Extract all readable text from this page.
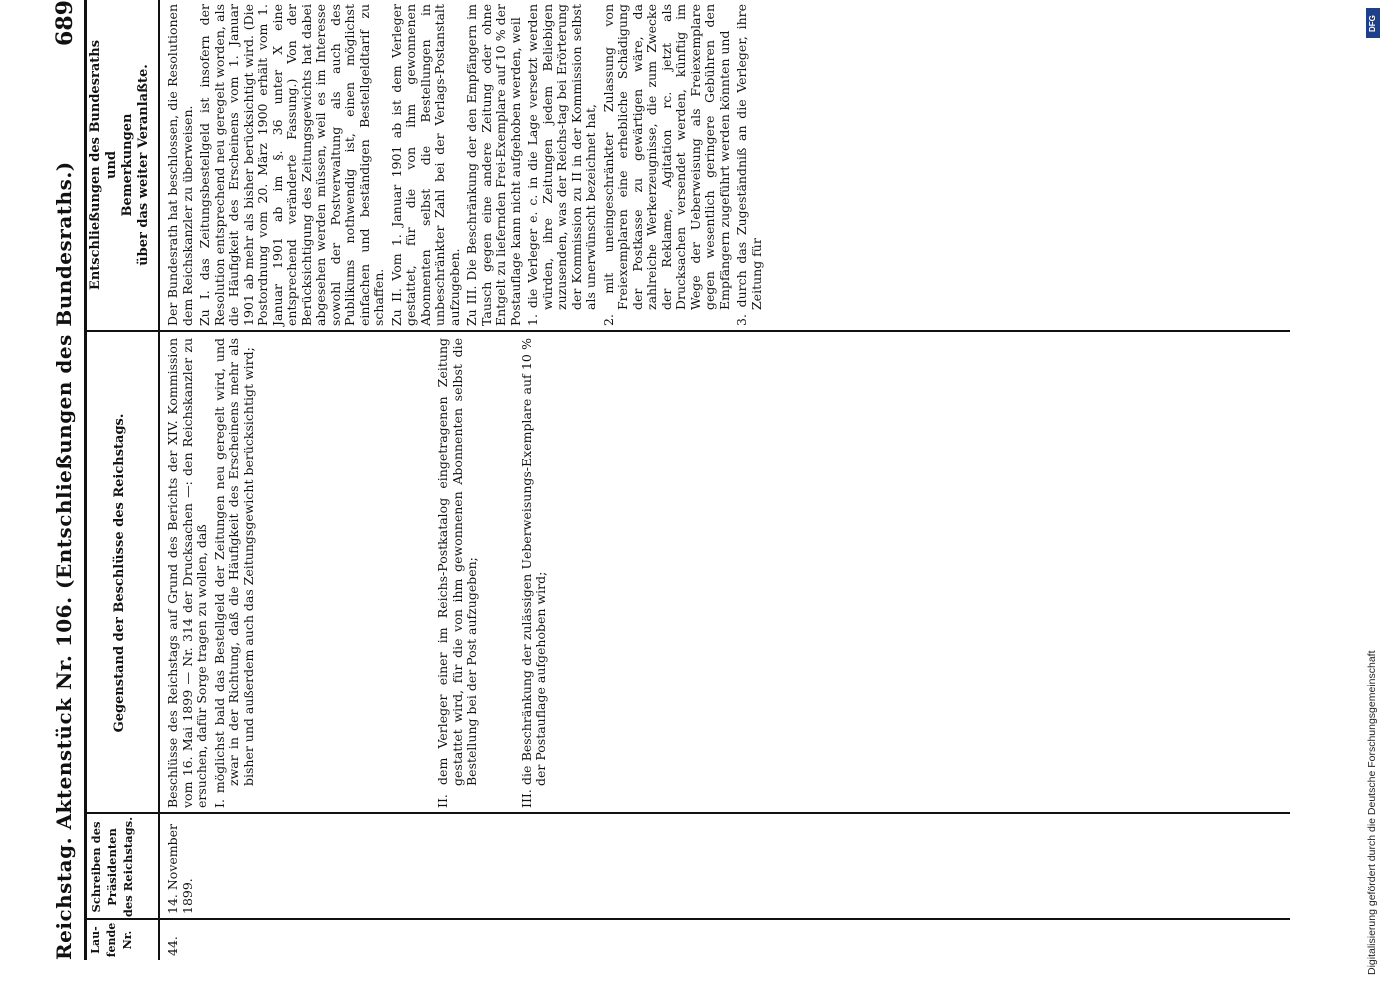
Reichstag. Aktenstück Nr. 106. (Entschließungen des Bundesraths.)
689
Lau-fende Nr.
Schreiben des Präsidenten des Reichstags.
Gegenstand der Beschlüsse des Reichstags.
Entschließungen des Bundesraths und Bemerkungen über das weiter Veranlaßte.
44.
14. November 1899.

Beschlüsse des Reichstags auf Grund des Berichts der XIV. Kommission vom 16. Mai 1899 — Nr. 314 der Drucksachen —: den Reichskanzler zu ersuchen, dafür Sorge tragen zu wollen, daß I. möglichst bald das Bestellgeld der Zeitungen neu geregelt wird, und zwar in der Richtung, daß die Häufigkeit des Erscheinens mehr als bisher und außerdem auch das Zeitungsgewicht berücksichtigt wird;	II. dem Verleger einer im Reichs-Postkatalog eingetragenen Zeitung gestattet wird, für die von ihm gewonnenen Abonnenten selbst die Bestellung bei der Post aufzugeben;	III. die Beschränkung der zulässigen Ueberweisungs-Exemplare auf 10 % der Postauflage aufgehoben wird;

Der Bundesrath hat beschlossen, die Resolutionen dem Reichskanzler zu überweisen. Zu I. das Zeitungsbestellgeld ist insofern der Resolution entsprechend neu geregelt worden, als die Häufigkeit des Erscheinens vom 1. Januar 1901 ab mehr als bisher berücksichtigt wird. (Die Postordnung vom 20. März 1900 erhält vom 1. Januar 1901 ab im §. 36 unter X eine entsprechend veränderte Fassung.) Von der Berücksichtigung des Zeitungsgewichts hat dabei abgesehen werden müssen, weil es im Interesse sowohl der Postverwaltung als auch des Publikums nothwendig ist, einen möglichst einfachen und beständigen Bestellgeldtarif zu schaffen. Zu II. Vom 1. Januar 1901 ab ist dem Verleger gestattet, für die von ihm gewonnenen Abonnenten selbst die Bestellungen in unbeschränkter Zahl bei der Verlags-Postanstalt aufzugeben. Zu III. Die Beschränkung der den Empfängern im Tausch gegen eine andere Zeitung oder ohne Entgelt zu liefernden Frei-Exemplare auf 10 % der Postauflage kann nicht aufgehoben werden, weil 1. die Verleger e. c. in die Lage versetzt werden würden, ihre Zeitungen jedem Beliebigen zuzusenden, was der Reichs-tag bei Erörterung der Kommission zu II in der Kommission selbst als unerwünscht bezeichnet hat, 2. mit uneingeschränkter Zulassung von Freiexemplaren eine erhebliche Schädigung der Postkasse zu gewärtigen wäre, da zahlreiche Werkerzeugnisse, die zum Zwecke der Reklame, Agitation rc. jetzt als Drucksachen versendet werden, künftig im Wege der Ueberweisung als Freiexemplare gegen wesentlich geringere Gebühren den Empfängern zugeführt werden könnten und 3. durch das Zugeständniß an die Verleger, ihre Zeitung für

Digitalisierung gefördert durch die Deutsche Forschungsgemeinschaft
DFG
